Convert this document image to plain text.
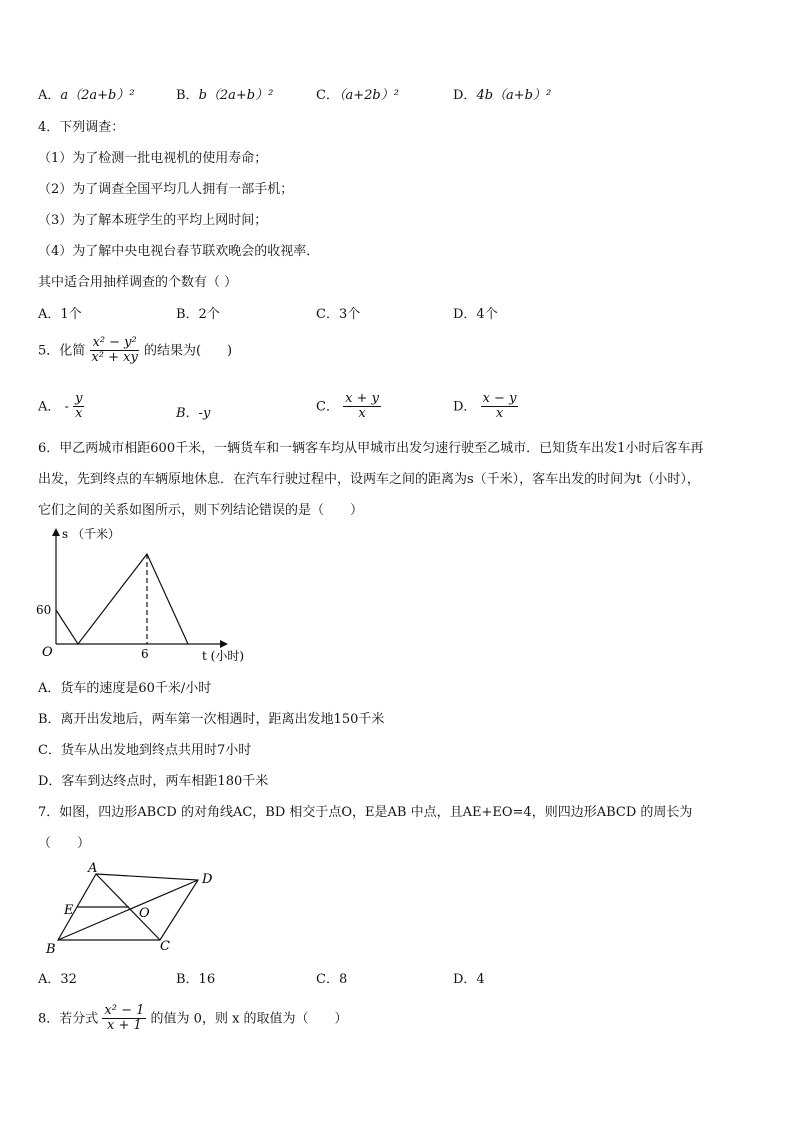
A．a（2a+b）²	B．b（2a+b）²	C．（a+2b）²	D．4b（a+b）²
4．下列调查：
（1）为了检测一批电视机的使用寿命；
（2）为了调查全国平均几人拥有一部手机；
（3）为了解本班学生的平均上网时间；
（4）为了解中央电视台春节联欢晚会的收视率．
其中适合用抽样调查的个数有（ ）
A．1个	B．2个	C．3个	D．4个
5．化简 $\frac{\text{x² − y²}}{\text{x² + xy}}$ 的结果为(　　)
A． - $\frac{y}{x}$	B．-y	C． $\frac{x + y}{x}$	D． $\frac{x - y}{x}$
6．甲乙两城市相距600千米，一辆货车和一辆客车均从甲城市出发匀速行驶至乙城市．已知货车出发1小时后客车再
出发，先到终点的车辆原地休息．在汽车行驶过程中，设两车之间的距离为s（千米），客车出发的时间为t（小时），
它们之间的关系如图所示，则下列结论错误的是（　　）
s （千米）
t (小时)
60
6
O
A．货车的速度是60千米/小时
B．离开出发地后，两车第一次相遇时，距离出发地150千米
C．货车从出发地到终点共用时7小时
D．客车到达终点时，两车相距180千米
7．如图，四边形ABCD 的对角线AC，BD 相交于点O，E是AB 中点，且AE+EO=4，则四边形ABCD 的周长为
（　　）
A
D
E	O
B	C
A．32	B．16	C．8	D．4
8．若分式 $\frac{\text{x² − 1}}{x + 1}$ 的值为 0，则 x 的取值为（　　）
